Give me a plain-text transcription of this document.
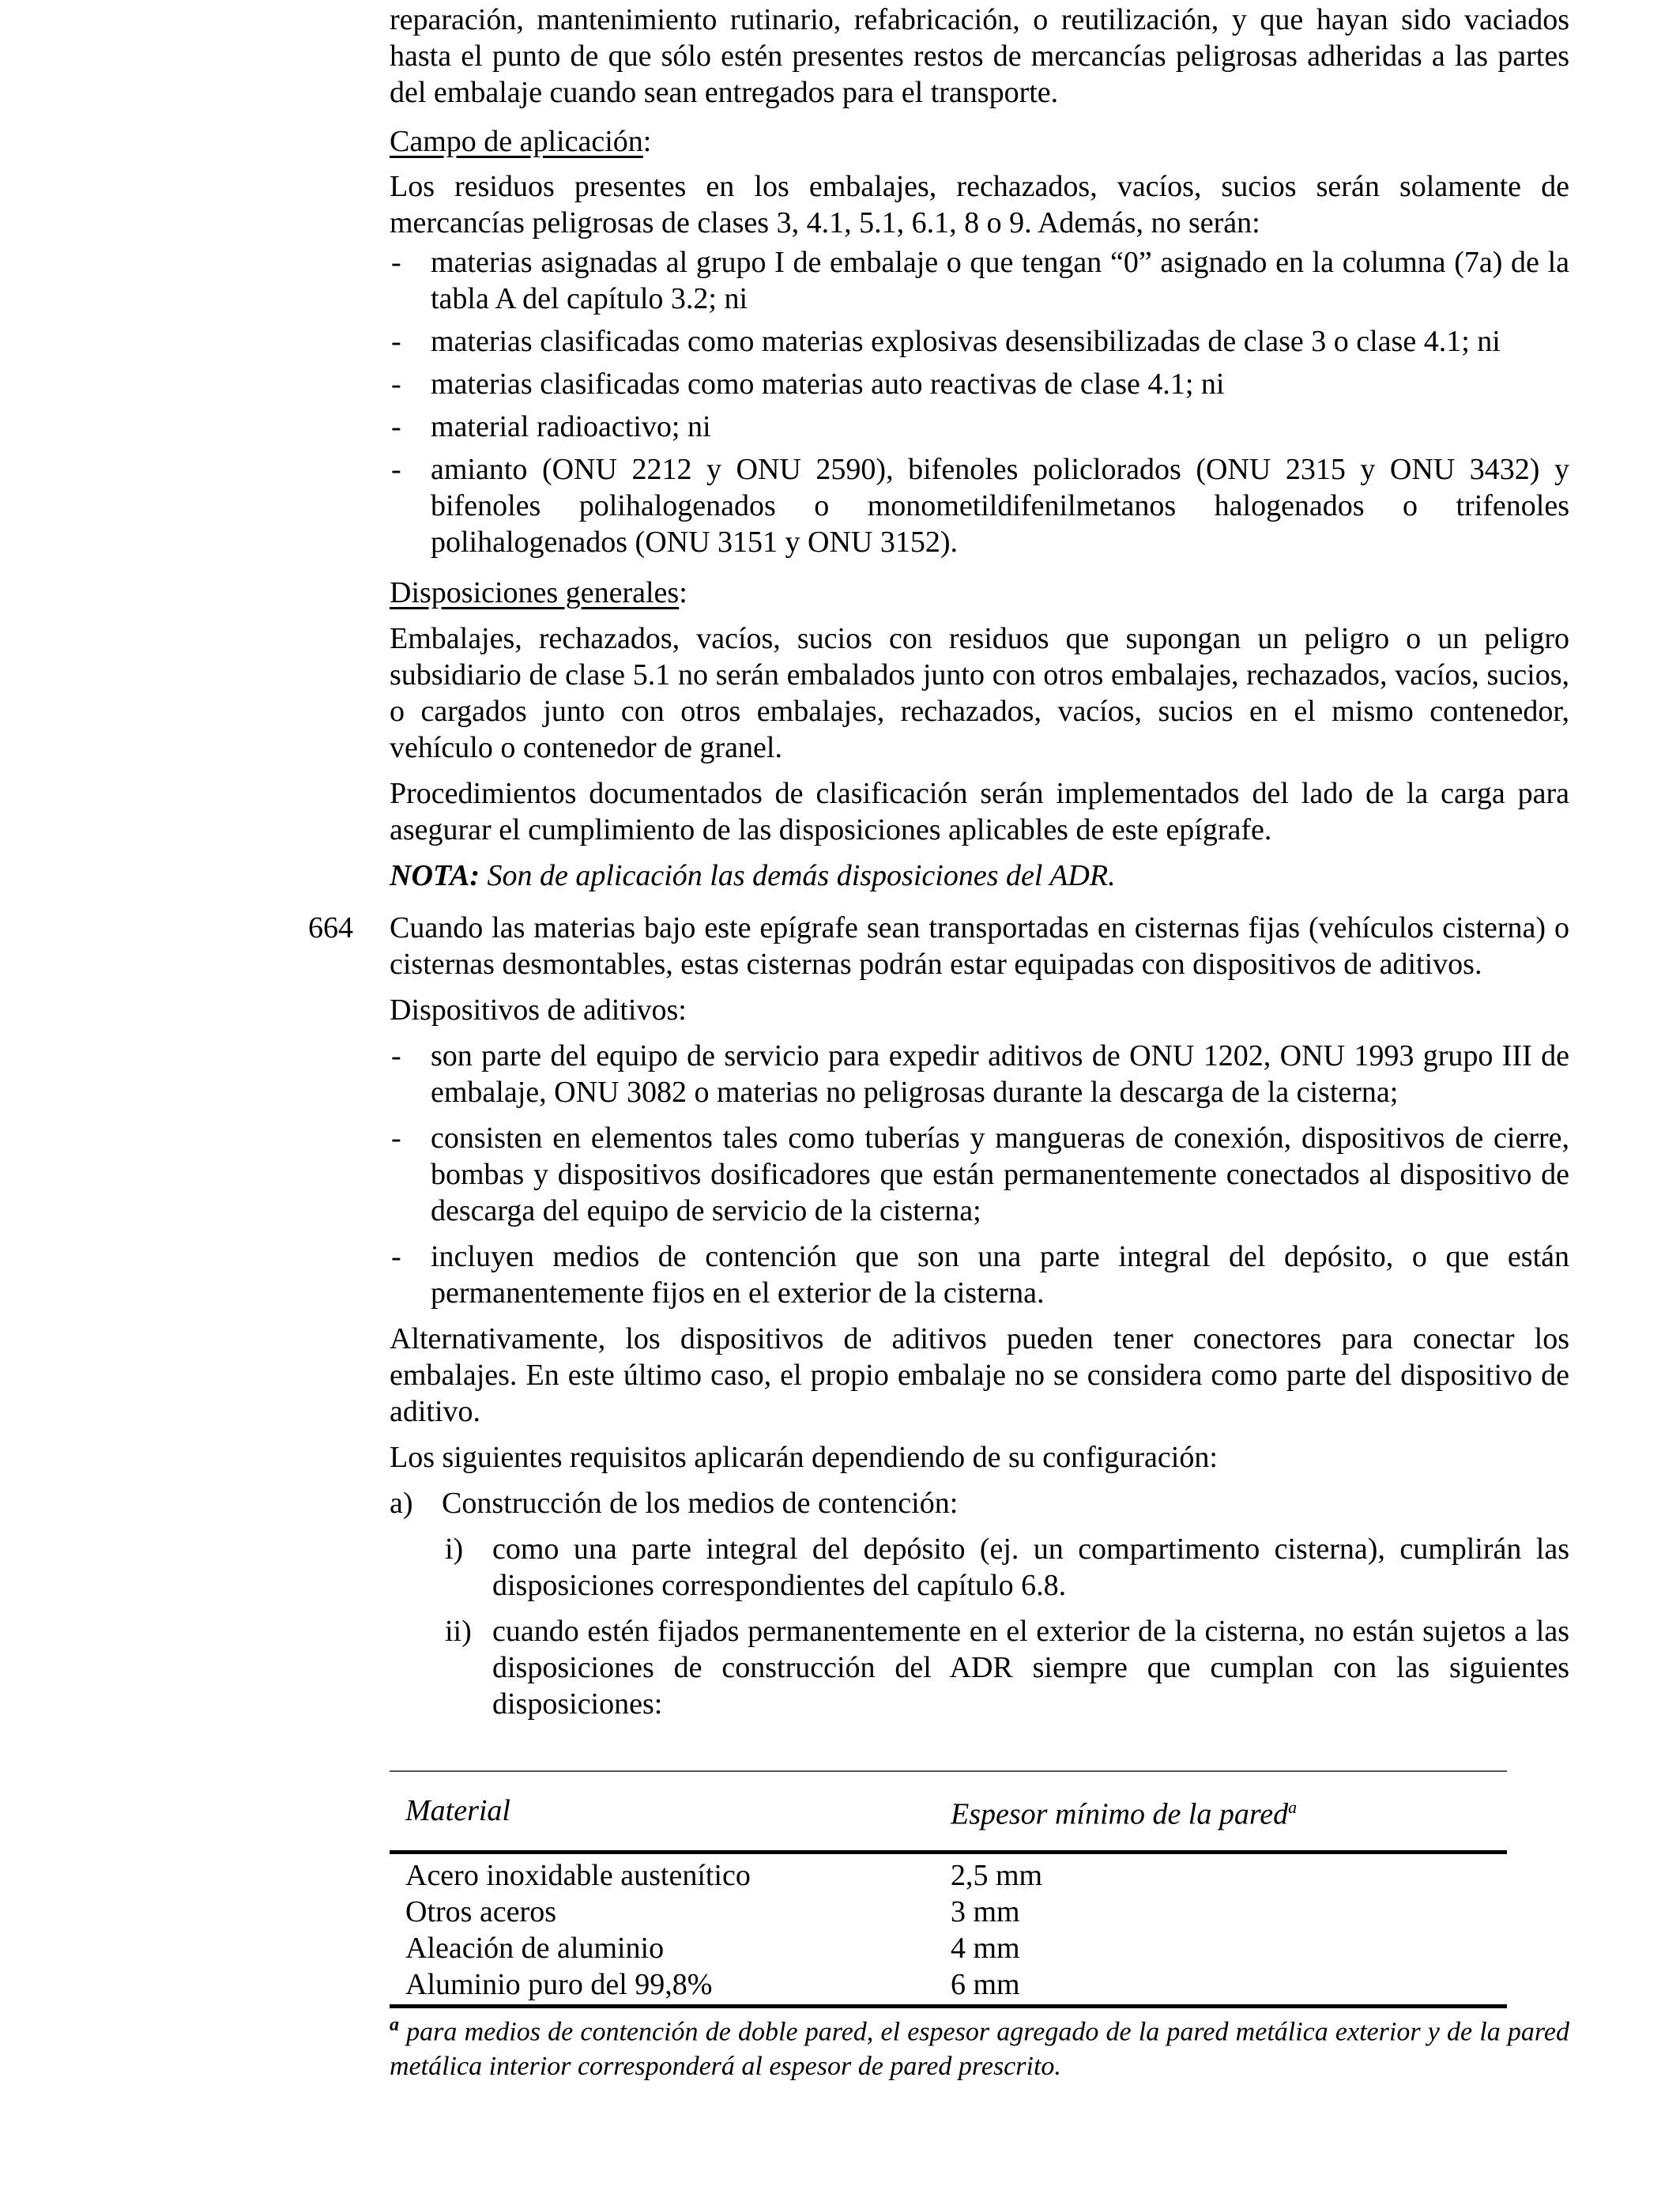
reparación, mantenimiento rutinario, refabricación, o reutilización, y que hayan sido vaciados hasta el punto de que sólo estén presentes restos de mercancías peligrosas adheridas a las partes del embalaje cuando sean entregados para el transporte.

Campo de aplicación:

Los residuos presentes en los embalajes, rechazados, vacíos, sucios serán solamente de mercancías peligrosas de clases 3, 4.1, 5.1, 6.1, 8 o 9. Además, no serán:

- materias asignadas al grupo I de embalaje o que tengan “0” asignado en la columna (7a) de la tabla A del capítulo 3.2; ni
- materias clasificadas como materias explosivas desensibilizadas de clase 3 o clase 4.1; ni
- materias clasificadas como materias auto reactivas de clase 4.1; ni
- material radioactivo; ni
- amianto (ONU 2212 y ONU 2590), bifenoles policlorados (ONU 2315 y ONU 3432) y bifenoles polihalogenados o monometildifenilmetanos halogenados o trifenoles polihalogenados (ONU 3151 y ONU 3152).

Disposiciones generales:

Embalajes, rechazados, vacíos, sucios con residuos que supongan un peligro o un peligro subsidiario de clase 5.1 no serán embalados junto con otros embalajes, rechazados, vacíos, sucios, o cargados junto con otros embalajes, rechazados, vacíos, sucios en el mismo contenedor, vehículo o contenedor de granel.

Procedimientos documentados de clasificación serán implementados del lado de la carga para asegurar el cumplimiento de las disposiciones aplicables de este epígrafe.

NOTA: Son de aplicación las demás disposiciones del ADR.

664 Cuando las materias bajo este epígrafe sean transportadas en cisternas fijas (vehículos cisterna) o cisternas desmontables, estas cisternas podrán estar equipadas con dispositivos de aditivos.

Dispositivos de aditivos:

- son parte del equipo de servicio para expedir aditivos de ONU 1202, ONU 1993 grupo III de embalaje, ONU 3082 o materias no peligrosas durante la descarga de la cisterna;
- consisten en elementos tales como tuberías y mangueras de conexión, dispositivos de cierre, bombas y dispositivos dosificadores que están permanentemente conectados al dispositivo de descarga del equipo de servicio de la cisterna;
- incluyen medios de contención que son una parte integral del depósito, o que están permanentemente fijos en el exterior de la cisterna.

Alternativamente, los dispositivos de aditivos pueden tener conectores para conectar los embalajes. En este último caso, el propio embalaje no se considera como parte del dispositivo de aditivo.

Los siguientes requisitos aplicarán dependiendo de su configuración:

a) Construcción de los medios de contención:
i) como una parte integral del depósito (ej. un compartimento cisterna), cumplirán las disposiciones correspondientes del capítulo 6.8.
ii) cuando estén fijados permanentemente en el exterior de la cisterna, no están sujetos a las disposiciones de construcción del ADR siempre que cumplan con las siguientes disposiciones:
Material	Espesor mínimo de la pared$^a$
Acero inoxidable austenítico	2,5 mm
Otros aceros	3 mm
Aleación de aluminio	4 mm
Aluminio puro del 99,8%	6 mm

$^a$ para medios de contención de doble pared, el espesor agregado de la pared metálica exterior y de la pared metálica interior corresponderá al espesor de pared prescrito.
